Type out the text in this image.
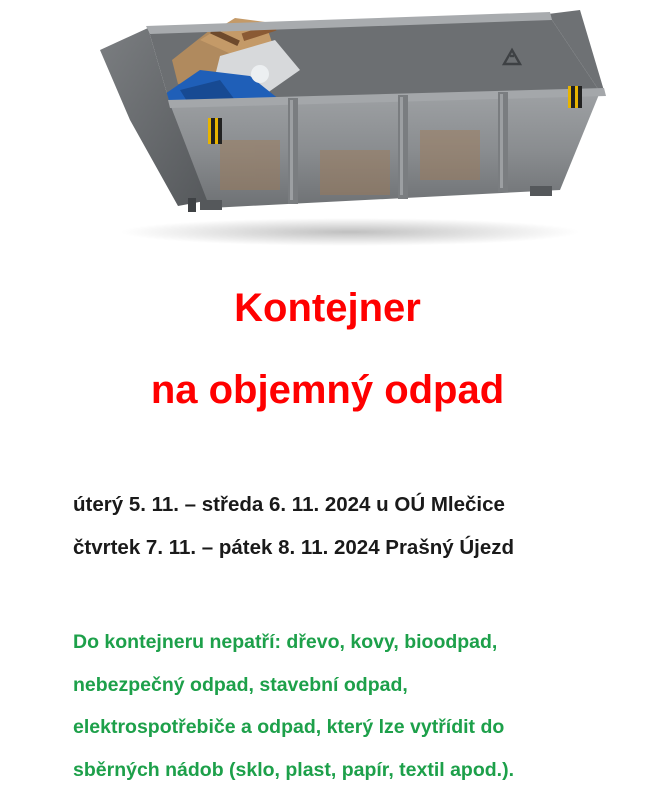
Kontejner
na objemný odpad

úterý 5. 11. – středa 6. 11. 2024 u OÚ Mlečice

čtvrtek 7. 11. – pátek 8. 11. 2024 Prašný Újezd

Do kontejneru nepatří: dřevo, kovy, bioodpad,
nebezpečný odpad, stavební odpad,
elektrospotřebiče a odpad, který lze vytřídit do
sběrných nádob (sklo, plast, papír, textil apod.).
